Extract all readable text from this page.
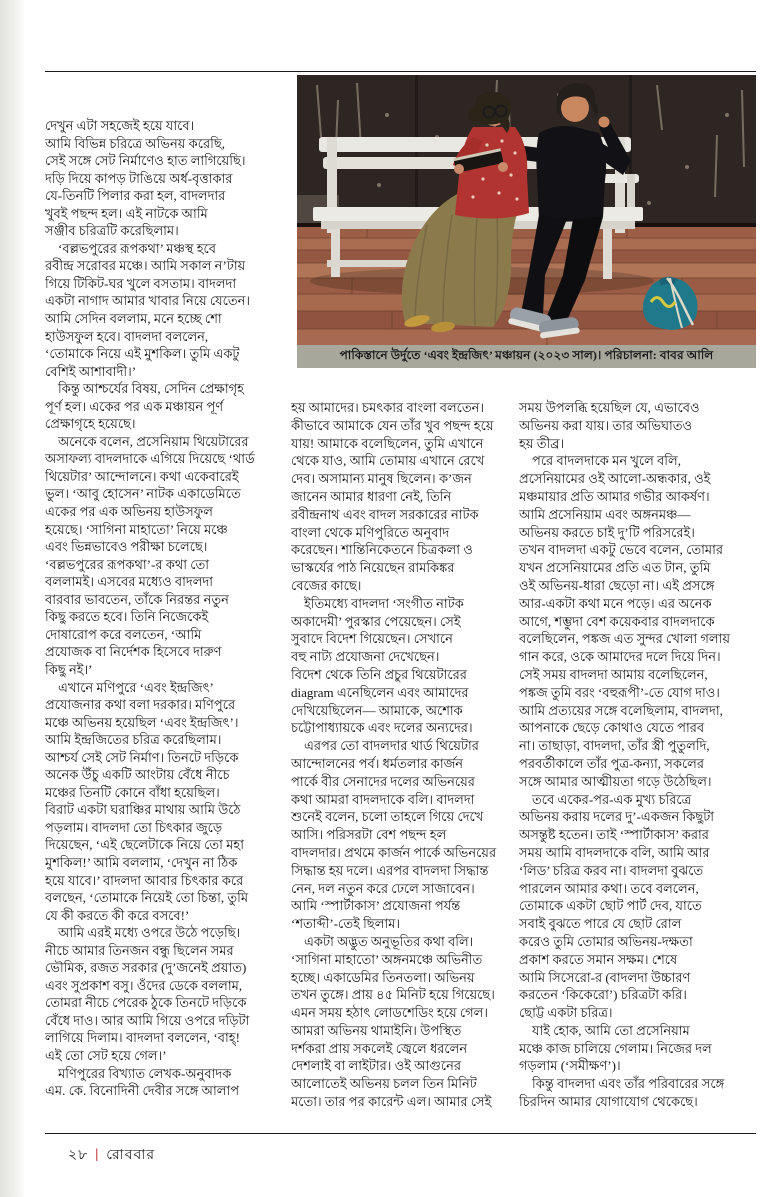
পাকিস্তানে উর্দুতে ‘এবং ইন্দ্রজিৎ’ মঞ্চায়ন (২০২৩ সাল)। পরিচালনা: বাবর আলি
দেখুন এটা সহজেই হয়ে যাবে।
আমি বিভিন্ন চরিত্রে অভিনয় করেছি,
সেই সঙ্গে সেট নির্মাণেও হাত লাগিয়েছি।
দড়ি দিয়ে কাপড় টাঙিয়ে অর্ধ-বৃত্তাকার
যে-তিনটি পিলার করা হল, বাদলদার
খুবই পছন্দ হল। এই নাটকে আমি
সঞ্জীব চরিত্রটি করেছিলাম।
‘বল্লভপুরের রূপকথা’ মঞ্চস্থ হবে
রবীন্দ্র সরোবর মঞ্চে। আমি সকাল ন’টায়
গিয়ে টিকিট-ঘর খুলে বসতাম। বাদলদা
একটা নাগাদ আমার খাবার নিয়ে যেতেন।
আমি সেদিন বললাম, মনে হচ্ছে শো
হাউসফুল হবে। বাদলদা বললেন,
‘তোমাকে নিয়ে এই মুশকিল। তুমি একটু
বেশিই আশাবাদী।’
কিন্তু আশ্চর্যের বিষয়, সেদিন প্রেক্ষাগৃহ
পূর্ণ হল। একের পর এক মঞ্চায়ন পূর্ণ
প্রেক্ষাগৃহে হয়েছে।
অনেকে বলেন, প্রসেনিয়াম থিয়েটারের
অসাফল্য বাদলদাকে এগিয়ে দিয়েছে ‘থার্ড
থিয়েটার’ আন্দোলনে। কথা একেবারেই
ভুল। ‘আবু হোসেন’ নাটক একাডেমিতে
একের পর এক অভিনয় হাউসফুল
হয়েছে। ‘সাগিনা মাহাতো’ নিয়ে মঞ্চে
এবং ভিন্নভাবেও পরীক্ষা চলেছে।
‘বল্লভপুরের রূপকথা’-র কথা তো
বললামই। এসবের মধ্যেও বাদলদা
বারবার ভাবতেন, তাঁকে নিরন্তর নতুন
কিছু করতে হবে। তিনি নিজেকেই
দোষারোপ করে বলতেন, ‘আমি
প্রযোজক বা নির্দেশক হিসেবে দারুণ
কিছু নই।’
এখানে মণিপুরে ‘এবং ইন্দ্রজিৎ’
প্রযোজনার কথা বলা দরকার। মণিপুরে
মঞ্চে অভিনয় হয়েছিল ‘এবং ইন্দ্রজিৎ’।
আমি ইন্দ্রজিতের চরিত্র করেছিলাম।
আশ্চর্য সেই সেট নির্মাণ। তিনটে দড়িকে
অনেক উঁচু একটি আংটায় বেঁধে নীচে
মঞ্চের তিনটি কোনে বাঁধা হয়েছিল।
বিরাট একটা ঘরাঞ্চির মাথায় আমি উঠে
পড়লাম। বাদলদা তো চিৎকার জুড়ে
দিয়েছেন, ‘এই ছেলেটাকে নিয়ে তো মহা
মুশকিল!’ আমি বললাম, ‘দেখুন না ঠিক
হয়ে যাবে।’ বাদলদা আবার চিৎকার করে
বলছেন, ‘তোমাকে নিয়েই তো চিন্তা, তুমি
যে কী করতে কী করে বসবে!’
আমি এরই মধ্যে ওপরে উঠে পড়েছি।
নীচে আমার তিনজন বন্ধু ছিলেন সমর
ভৌমিক, রজত সরকার (দু’জনেই প্রয়াত)
এবং সুপ্রকাশ বসু। ওঁদের ডেকে বললাম,
তোমরা নীচে পেরেক ঠুকে তিনটে দড়িকে
বেঁধে দাও। আর আমি গিয়ে ওপরে দড়িটা
লাগিয়ে দিলাম। বাদলদা বললেন, ‘বাহ্!
এই তো সেট হয়ে গেল।’
মণিপুরের বিখ্যাত লেখক-অনুবাদক
এম. কে. বিনোদিনী দেবীর সঙ্গে আলাপ
হয় আমাদের। চমৎকার বাংলা বলতেন।
কীভাবে আমাকে যেন তাঁর খুব পছন্দ হয়ে
যায়! আমাকে বলেছিলেন, তুমি এখানে
থেকে যাও, আমি তোমায় এখানে রেখে
দেব। অসামান্য মানুষ ছিলেন। ক’জন
জানেন আমার ধারণা নেই, তিনি
রবীন্দ্রনাথ এবং বাদল সরকারের নাটক
বাংলা থেকে মণিপুরিতে অনুবাদ
করেছেন। শান্তিনিকেতনে চিত্রকলা ও
ভাস্কর্যের পাঠ নিয়েছেন রামকিঙ্কর
বেজের কাছে।
ইতিমধ্যে বাদলদা ‘সংগীত নাটক
অকাদেমী’ পুরস্কার পেয়েছেন। সেই
সুবাদে বিদেশ গিয়েছেন। সেখানে
বহু নাট্য প্রযোজনা দেখেছেন।
বিদেশ থেকে তিনি প্রচুর থিয়েটারের
diagram এনেছিলেন এবং আমাদের
দেখিয়েছিলেন— আমাকে, অশোক
চট্টোপাধ্যায়কে এবং দলের অন্যদের।
এরপর তো বাদলদার থার্ড থিয়েটার
আন্দোলনের পর্ব। ধর্মতলার কার্জন
পার্কে বীর সেনাদের দলের অভিনয়ের
কথা আমরা বাদলদাকে বলি। বাদলদা
শুনেই বলেন, চলো তাহলে গিয়ে দেখে
আসি। পরিসরটা বেশ পছন্দ হল
বাদলদার। প্রথমে কার্জন পার্কে অভিনয়ের
সিদ্ধান্ত হয় দলে। এরপর বাদলদা সিদ্ধান্ত
নেন, দল নতুন করে ঢেলে সাজাবেন।
আমি ‘স্পার্টাকাস’ প্রযোজনা পর্যন্ত
‘শতাব্দী’-তেই ছিলাম।
একটা অদ্ভুত অনুভূতির কথা বলি।
‘সাগিনা মাহাতো’ অঙ্গনমঞ্চে অভিনীত
হচ্ছে। একাডেমির তিনতলা। অভিনয়
তখন তুঙ্গে। প্রায় ৪৫ মিনিট হয়ে গিয়েছে।
এমন সময় হঠাৎ লোডশেডিং হয়ে গেল।
আমরা অভিনয় থামাইনি। উপস্থিত
দর্শকরা প্রায় সকলেই জ্বেলে ধরলেন
দেশলাই বা লাইটার। ওই আগুনের
আলোতেই অভিনয় চলল তিন মিনিট
মতো। তার পর কারেন্ট এল। আমার সেই
সময় উপলব্ধি হয়েছিল যে, এভাবেও
অভিনয় করা যায়। তার অভিঘাতও
হয় তীব্র।
পরে বাদলদাকে মন খুলে বলি,
প্রসেনিয়ামের ওই আলো-অন্ধকার, ওই
মঞ্চমায়ার প্রতি আমার গভীর আকর্ষণ।
আমি প্রসেনিয়াম এবং অঙ্গনমঞ্চ—
অভিনয় করতে চাই দু’টি পরিসরেই।
তখন বাদলদা একটু ভেবে বলেন, তোমার
যখন প্রসেনিয়ামের প্রতি এত টান, তুমি
ওই অভিনয়-ধারা ছেড়ো না। এই প্রসঙ্গে
আর-একটা কথা মনে পড়ে। এর অনেক
আগে, শম্ভুদা বেশ কয়েকবার বাদলদাকে
বলেছিলেন, পঙ্কজ এত সুন্দর খোলা গলায়
গান করে, ওকে আমাদের দলে দিয়ে দিন।
সেই সময় বাদলদা আমায় বলেছিলেন,
পঙ্কজ তুমি বরং ‘বহুরূপী’-তে যোগ দাও।
আমি প্রত্যয়ের সঙ্গে বলেছিলাম, বাদলদা,
আপনাকে ছেড়ে কোথাও যেতে পারব
না। তাছাড়া, বাদলদা, তাঁর স্ত্রী পুতুলদি,
পরবর্তীকালে তাঁর পুত্র-কন্যা, সকলের
সঙ্গে আমার আত্মীয়তা গড়ে উঠেছিল।
তবে একের-পর-এক মুখ্য চরিত্রে
অভিনয় করায় দলের দু’-একজন কিছুটা
অসন্তুষ্ট হতেন। তাই ‘স্পার্টাকাস’ করার
সময় আমি বাদলদাকে বলি, আমি আর
‘লিড’ চরিত্র করব না। বাদলদা বুঝতে
পারলেন আমার কথা। তবে বললেন,
তোমাকে একটা ছোট পার্ট দেব, যাতে
সবাই বুঝতে পারে যে ছোট রোল
করেও তুমি তোমার অভিনয়-দক্ষতা
প্রকাশ করতে সমান সক্ষম। শেষে
আমি সিসেরো-র (বাদলদা উচ্চারণ
করতেন ‘কিকেরো’) চরিত্রটা করি।
ছোট্ট একটা চরিত্র।
যাই হোক, আমি তো প্রসেনিয়াম
মঞ্চে কাজ চালিয়ে গেলাম। নিজের দল
গড়লাম (‘সমীক্ষণ’)।
কিন্তু বাদলদা এবং তাঁর পরিবারের সঙ্গে
চিরদিন আমার যোগাযোগ থেকেছে।
২৮ | রোববার
